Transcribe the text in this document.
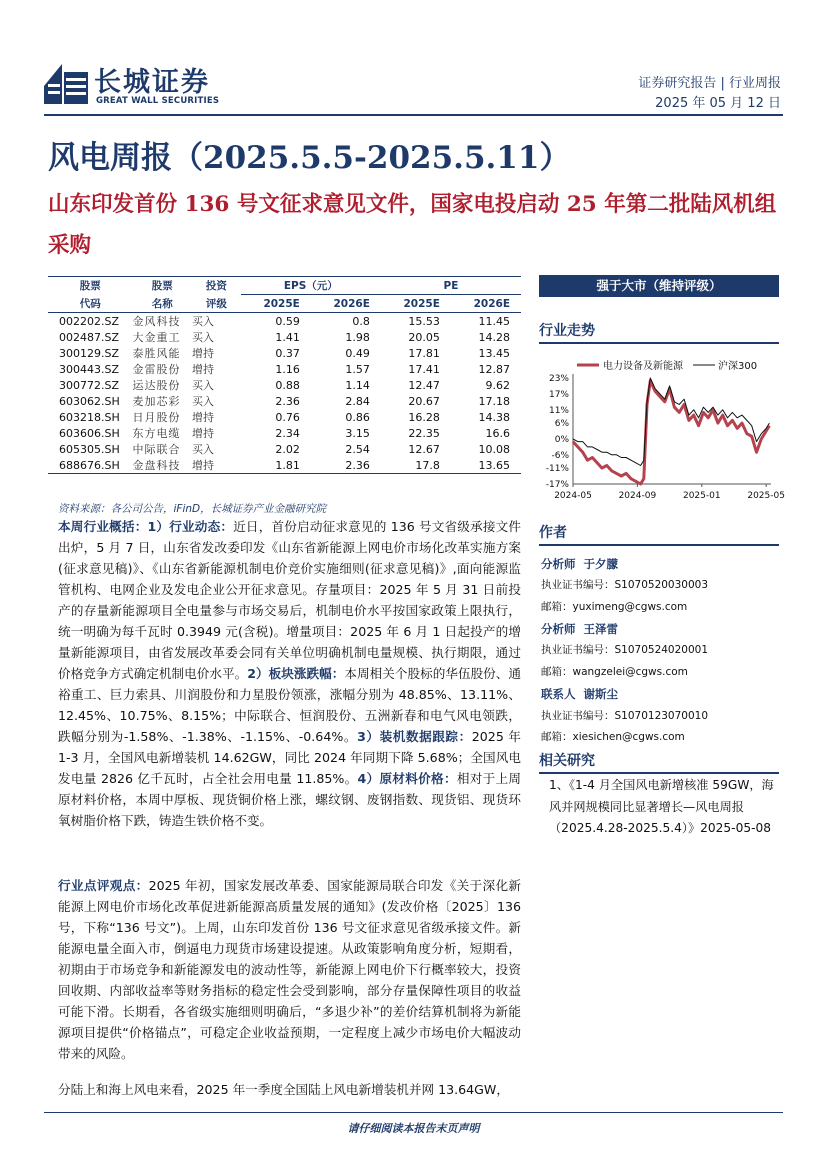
长城证券
GREAT WALL SECURITIES
证券研究报告 | 行业周报
2025 年 05 月 12 日
风电周报（2025.5.5-2025.5.11）
山东印发首份 136 号文征求意见文件，国家电投启动 25 年第二批陆风机组采购
股票	股票	投资	EPS（元）		PE	
代码	名称	评级	2025E	2026E	2025E	2026E
002202.SZ	金风科技	买入	0.59	0.8	15.53	11.45
002487.SZ	大金重工	买入	1.41	1.98	20.05	14.28
300129.SZ	泰胜风能	增持	0.37	0.49	17.81	13.45
300443.SZ	金雷股份	增持	1.16	1.57	17.41	12.87
300772.SZ	运达股份	买入	0.88	1.14	12.47	9.62
603062.SH	麦加芯彩	买入	2.36	2.84	20.67	17.18
603218.SH	日月股份	增持	0.76	0.86	16.28	14.38
603606.SH	东方电缆	增持	2.34	3.15	22.35	16.6
605305.SH	中际联合	买入	2.02	2.54	12.67	10.08
688676.SH	金盘科技	增持	1.81	2.36	17.8	13.65
资料来源：各公司公告，iFinD，长城证券产业金融研究院
本周行业概括：1）行业动态：近日，首份启动征求意见的 136 号文省级承接文件出炉，5 月 7 日，山东省发改委印发《山东省新能源上网电价市场化改革实施方案(征求意见稿)》、《山东省新能源机制电价竞价实施细则(征求意见稿)》,面向能源监管机构、电网企业及发电企业公开征求意见。存量项目：2025 年 5 月 31 日前投产的存量新能源项目全电量参与市场交易后，机制电价水平按国家政策上限执行，统一明确为每千瓦时 0.3949 元(含税)。增量项目：2025 年 6 月 1 日起投产的增量新能源项目，由省发展改革委会同有关单位明确机制电量规模、执行期限，通过价格竞争方式确定机制电价水平。2）板块涨跌幅：本周相关个股标的华伍股份、通裕重工、巨力索具、川润股份和力星股份领涨，涨幅分别为 48.85%、13.11%、12.45%、10.75%、8.15%；中际联合、恒润股份、五洲新春和电气风电领跌，跌幅分别为-1.58%、-1.38%、-1.15%、-0.64%。3）装机数据跟踪：2025 年 1-3 月，全国风电新增装机 14.62GW，同比 2024 年同期下降 5.68%；全国风电发电量 2826 亿千瓦时，占全社会用电量 11.85%。4）原材料价格：相对于上周原材料价格，本周中厚板、现货铜价格上涨，螺纹钢、废钢指数、现货铝、现货环氧树脂价格下跌，铸造生铁价格不变。
行业点评观点：2025 年初，国家发展改革委、国家能源局联合印发《关于深化新能源上网电价市场化改革促进新能源高质量发展的通知》(发改价格〔2025〕136 号，下称“136 号文”)。上周，山东印发首份 136 号文征求意见省级承接文件。新能源电量全面入市，倒逼电力现货市场建设提速。从政策影响角度分析，短期看，初期由于市场竞争和新能源发电的波动性等，新能源上网电价下行概率较大，投资回收期、内部收益率等财务指标的稳定性会受到影响，部分存量保障性项目的收益可能下滑。长期看，各省级实施细则明确后，“多退少补”的差价结算机制将为新能源项目提供“价格锚点”，可稳定企业收益预期，一定程度上减少市场电价大幅波动带来的风险。
分陆上和海上风电来看，2025 年一季度全国陆上风电新增装机并网 13.64GW，
强于大市（维持评级）
行业走势
电力设备及新能源	沪深300
23%
17%
11%
6%
0%
-6%
-11%
-17%
2024-05	2024-09	2025-01	2025-05
作者
分析师 于夕朦
执业证书编号：S1070520030003
邮箱：yuximeng@cgws.com
分析师 王泽雷
执业证书编号：S1070524020001
邮箱：wangzelei@cgws.com
联系人 谢斯尘
执业证书编号：S1070123070010
邮箱：xiesichen@cgws.com
相关研究
1、《1-4 月全国风电新增核准 59GW，海风并网规模同比显著增长—风电周报（2025.4.28-2025.5.4）》2025-05-08
请仔细阅读本报告末页声明
